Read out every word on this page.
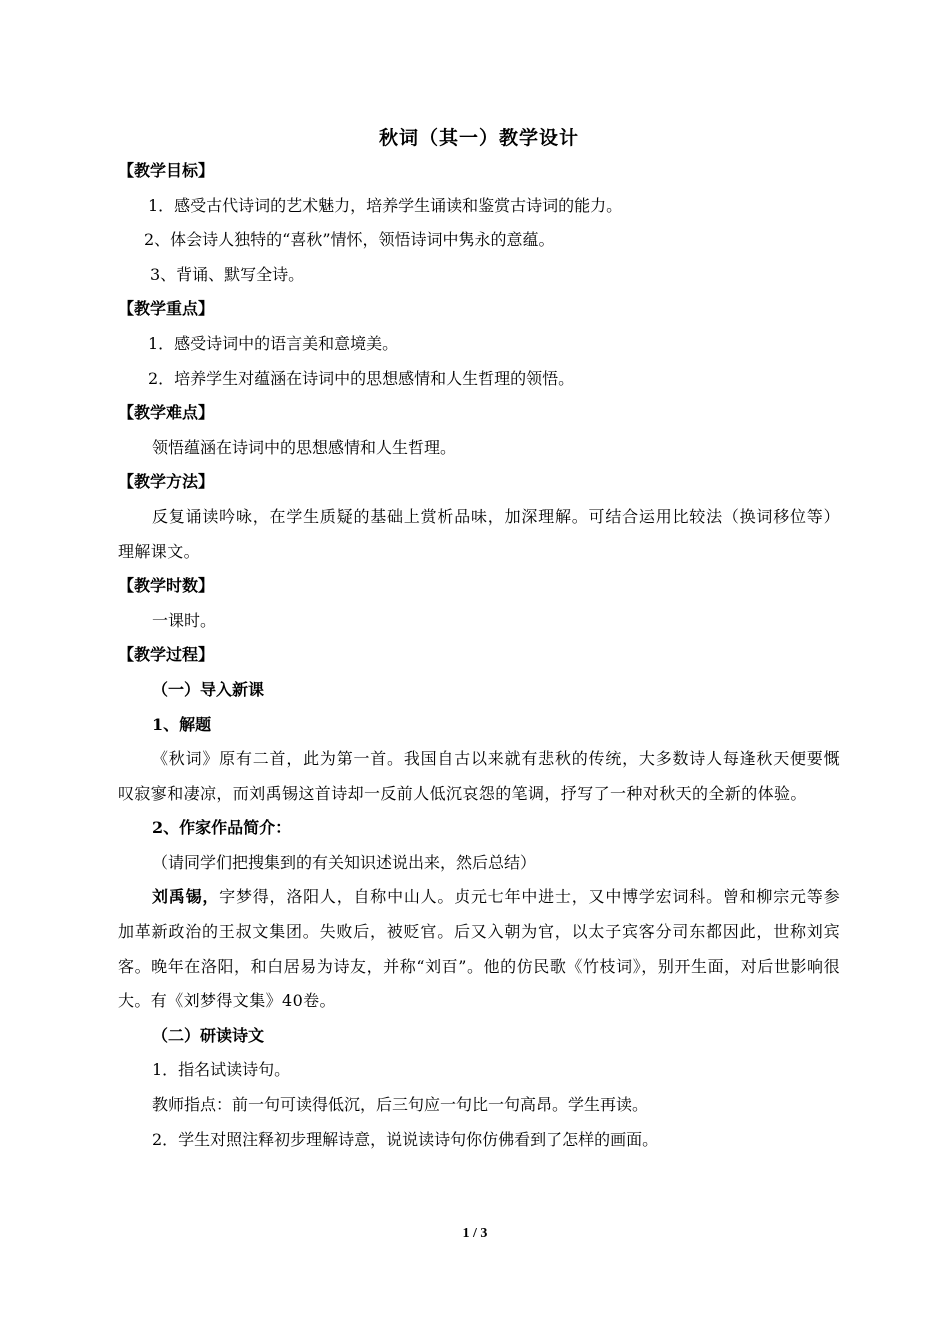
秋词（其一）教学设计
【教学目标】
1．感受古代诗词的艺术魅力，培养学生诵读和鉴赏古诗词的能力。
2、体会诗人独特的“喜秋”情怀，领悟诗词中隽永的意蕴。
3、背诵、默写全诗。
【教学重点】
1．感受诗词中的语言美和意境美。
2．培养学生对蕴涵在诗词中的思想感情和人生哲理的领悟。
【教学难点】
领悟蕴涵在诗词中的思想感情和人生哲理。
【教学方法】
反复诵读吟咏，在学生质疑的基础上赏析品味，加深理解。可结合运用比较法（换词移位等）理解课文。
【教学时数】
一课时。
【教学过程】
（一）导入新课
1、解题
《秋词》原有二首，此为第一首。我国自古以来就有悲秋的传统，大多数诗人每逢秋天便要慨叹寂寥和凄凉，而刘禹锡这首诗却一反前人低沉哀怨的笔调，抒写了一种对秋天的全新的体验。
2、作家作品简介：
（请同学们把搜集到的有关知识述说出来，然后总结）
刘禹锡，字梦得，洛阳人，自称中山人。贞元七年中进士，又中博学宏词科。曾和柳宗元等参加革新政治的王叔文集团。失败后，被贬官。后又入朝为官，以太子宾客分司东都因此，世称刘宾客。晚年在洛阳，和白居易为诗友，并称“刘百”。他的仿民歌《竹枝词》，别开生面，对后世影响很大。有《刘梦得文集》40卷。
（二）研读诗文
1．指名试读诗句。
教师指点：前一句可读得低沉，后三句应一句比一句高昂。学生再读。
2．学生对照注释初步理解诗意，说说读诗句你仿佛看到了怎样的画面。
1 / 3
